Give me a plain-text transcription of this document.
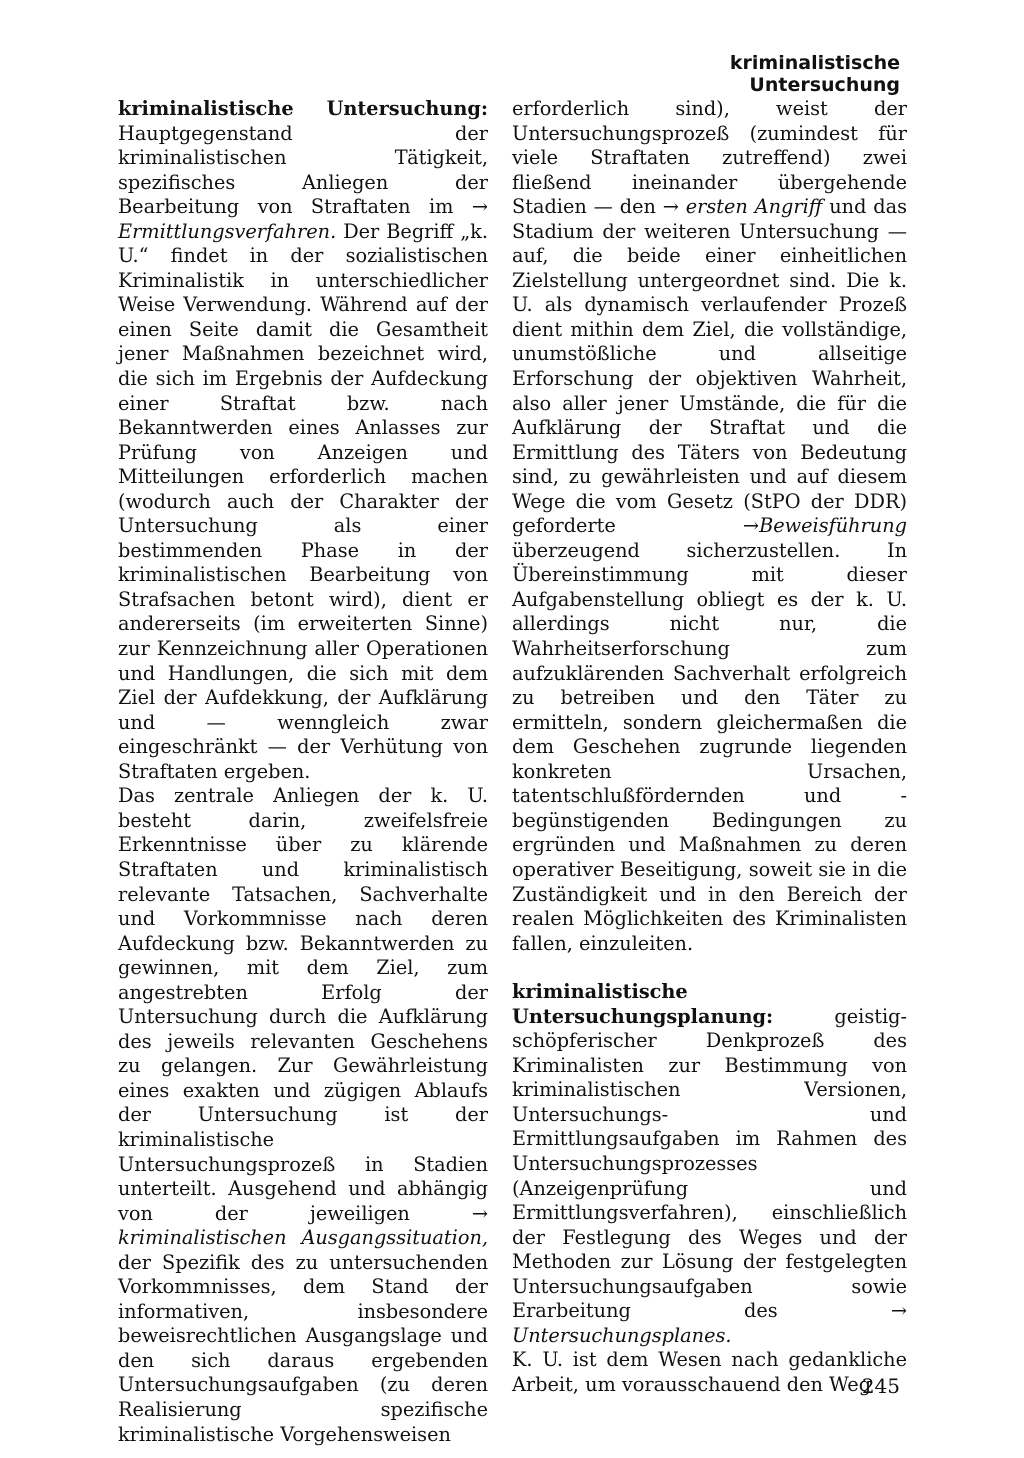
kriminalistische Untersuchung

kriminalistische Untersuchung: Hauptgegenstand der kriminalistischen Tätigkeit, spezifisches Anliegen der Bearbeitung von Straftaten im → Ermittlungsverfahren. Der Begriff „k. U.“ findet in der sozialistischen Kriminalistik in unterschiedlicher Weise Verwendung. Während auf der einen Seite damit die Gesamtheit jener Maßnahmen bezeichnet wird, die sich im Ergebnis der Aufdeckung einer Straftat bzw. nach Bekanntwerden eines Anlasses zur Prüfung von Anzeigen und Mitteilungen erforderlich machen (wodurch auch der Charakter der Untersuchung als einer bestimmenden Phase in der kriminalistischen Bearbeitung von Strafsachen betont wird), dient er andererseits (im erweiterten Sinne) zur Kennzeichnung aller Operationen und Handlungen, die sich mit dem Ziel der Aufdekkung, der Aufklärung und — wenngleich zwar eingeschränkt — der Verhütung von Straftaten ergeben.

Das zentrale Anliegen der k. U. besteht darin, zweifelsfreie Erkenntnisse über zu klärende Straftaten und kriminalistisch relevante Tatsachen, Sachverhalte und Vorkommnisse nach deren Aufdeckung bzw. Bekanntwerden zu gewinnen, mit dem Ziel, zum angestrebten Erfolg der Untersuchung durch die Aufklärung des jeweils relevanten Geschehens zu gelangen. Zur Gewährleistung eines exakten und zügigen Ablaufs der Untersuchung ist der kriminalistische Untersuchungsprozeß in Stadien unterteilt. Ausgehend und abhängig von der jeweiligen → kriminalistischen Ausgangssituation, der Spezifik des zu untersuchenden Vorkommnisses, dem Stand der informativen, insbesondere beweisrechtlichen Ausgangslage und den sich daraus ergebenden Untersuchungsaufgaben (zu deren Realisierung spezifische kriminalistische Vorgehensweisen

erforderlich sind), weist der Untersuchungsprozeß (zumindest für viele Straftaten zutreffend) zwei fließend ineinander übergehende Stadien — den → ersten Angriff und das Stadium der weiteren Untersuchung — auf, die beide einer einheitlichen Zielstellung untergeordnet sind. Die k. U. als dynamisch verlaufender Prozeß dient mithin dem Ziel, die vollständige, unumstößliche und allseitige Erforschung der objektiven Wahrheit, also aller jener Umstände, die für die Aufklärung der Straftat und die Ermittlung des Täters von Bedeutung sind, zu gewährleisten und auf diesem Wege die vom Gesetz (StPO der DDR) geforderte →Beweisführung überzeugend sicherzustellen. In Übereinstimmung mit dieser Aufgabenstellung obliegt es der k. U. allerdings nicht nur, die Wahrheitserforschung zum aufzuklärenden Sachverhalt erfolgreich zu betreiben und den Täter zu ermitteln, sondern gleichermaßen die dem Geschehen zugrunde liegenden konkreten Ursachen, tatentschlußfördernden und -begünstigenden Bedingungen zu ergründen und Maßnahmen zu deren operativer Beseitigung, soweit sie in die Zuständigkeit und in den Bereich der realen Möglichkeiten des Kriminalisten fallen, einzuleiten.

kriminalistische Untersuchungsplanung: geistig-schöpferischer Denkprozeß des Kriminalisten zur Bestimmung von kriminalistischen Versionen, Untersuchungs- und Ermittlungsaufgaben im Rahmen des Untersuchungsprozesses (Anzeigenprüfung und Ermittlungsverfahren), einschließlich der Festlegung des Weges und der Methoden zur Lösung der festgelegten Untersuchungsaufgaben sowie Erarbeitung des → Untersuchungsplanes.

K. U. ist dem Wesen nach gedankliche Arbeit, um vorausschauend den Weg

245
